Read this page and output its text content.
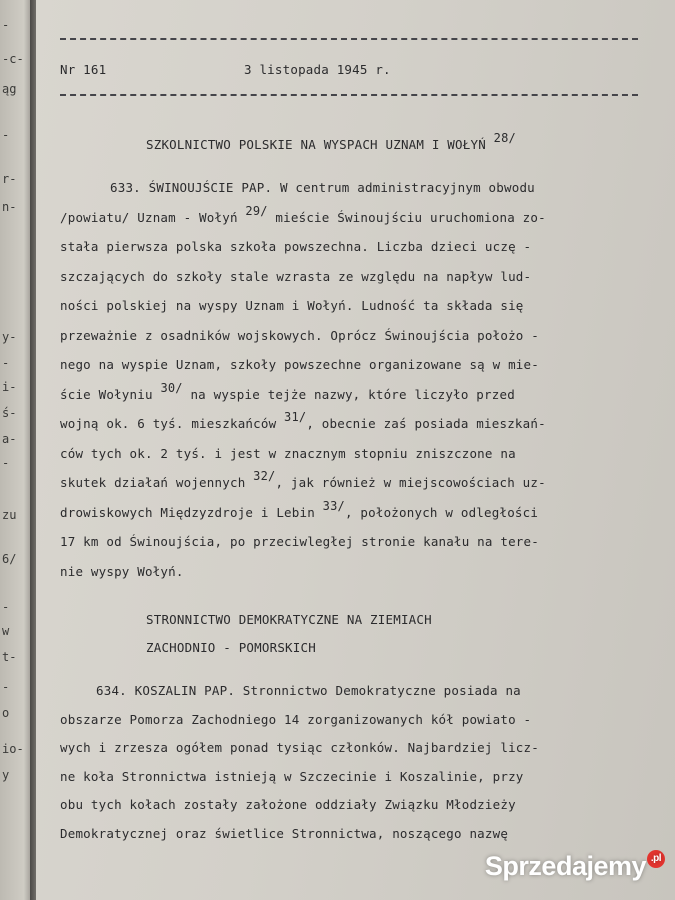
-
-c-
ąg
-
r-
n-
y-
-
i-
ś-
a-
-
zu
6/
-
w
t-
-
o
io-
y
Nr 161	3 listopada 1945 r.
SZKOLNICTWO POLSKIE NA WYSPACH UZNAM I WOŁYŃ 28/
633. ŚWINOUJŚCIE PAP. W centrum administracyjnym obwodu
/powiatu/ Uznam - Wołyń 29/ mieście Świnoujściu uruchomiona zo-
stała pierwsza polska szkoła powszechna. Liczba dzieci uczę -
szczających do szkoły stale wzrasta ze względu na napływ lud-
ności polskiej na wyspy Uznam i Wołyń. Ludność ta składa się
przeważnie z osadników wojskowych. Oprócz Świnoujścia położo -
nego na wyspie Uznam, szkoły powszechne organizowane są w mie-
ście Wołyniu 30/ na wyspie tejże nazwy, które liczyło przed
wojną ok. 6 tyś. mieszkańców 31/, obecnie zaś posiada mieszkań-
ców tych ok. 2 tyś. i jest w znacznym stopniu zniszczone na
skutek działań wojennych 32/, jak również w miejscowościach uz-
drowiskowych Międzyzdroje i Lebin 33/, położonych w odległości
17 km od Świnoujścia, po przeciwległej stronie kanału na tere-
nie wyspy Wołyń.
STRONNICTWO DEMOKRATYCZNE NA ZIEMIACH
ZACHODNIO - POMORSKICH
634. KOSZALIN PAP. Stronnictwo Demokratyczne posiada na
obszarze Pomorza Zachodniego 14 zorganizowanych kół powiato -
wych i zrzesza ogółem ponad tysiąc członków. Najbardziej licz-
ne koła Stronnictwa istnieją w Szczecinie i Koszalinie, przy
obu tych kołach zostały założone oddziały Związku Młodzieży
Demokratycznej oraz świetlice Stronnictwa, noszącego nazwę
Sprzedajemy .pl
